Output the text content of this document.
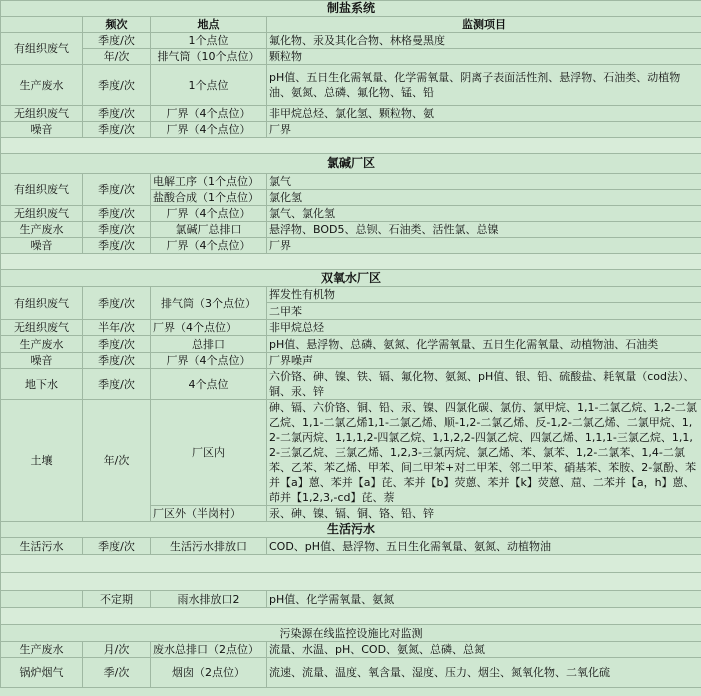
制盐系统			
	频次	地点	监测项目
有组织废气	季度/次	1个点位	氟化物、汞及其化合物、林格曼黑度
	年/次	排气筒（10个点位）	颗粒物
生产废水	季度/次	1个点位	pH值、五日生化需氧量、化学需氧量、阴离子表面活性剂、悬浮物、石油类、动植物油、氨氮、总磷、氟化物、锰、铅
无组织废气	季度/次	厂界（4个点位）	非甲烷总烃、氯化氢、颗粒物、氨
噪音	季度/次	厂界（4个点位）	厂界

氯碱厂区			
有组织废气	季度/次	电解工序（1个点位）	氯气
		盐酸合成（1个点位）	氯化氢
无组织废气	季度/次	厂界（4个点位）	氯气、氯化氢
生产废水	季度/次	氯碱厂总排口	悬浮物、BOD5、总钡、石油类、活性氯、总镍
噪音	季度/次	厂界（4个点位）	厂界

双氧水厂区			
有组织废气	季度/次	排气筒（3个点位）	挥发性有机物
			二甲苯
无组织废气	半年/次	厂界（4个点位）	非甲烷总烃
生产废水	季度/次	总排口	pH值、悬浮物、总磷、氨氮、化学需氧量、五日生化需氧量、动植物油、石油类
噪音	季度/次	厂界（4个点位）	厂界噪声
地下水	季度/次	4个点位	六价铬、砷、镍、铁、镉、氟化物、氨氮、pH值、银、铅、硫酸盐、耗氧量（cod法）、铜、汞、锌
土壤	年/次	厂区内	砷、镉、六价铬、铜、铅、汞、镍、四氯化碳、氯仿、氯甲烷、1,1-二氯乙烷、1,2-二氯乙烷、1,1-二氯乙烯1,1-二氯乙烯、顺-1,2-二氯乙烯、反-1,2-二氯乙烯、二氯甲烷、1,2-二氯丙烷、1,1,1,2-四氯乙烷、1,1,2,2-四氯乙烷、四氯乙烯、1,1,1-三氯乙烷、1,1,2-三氯乙烷、三氯乙烯、1,2,3-三氯丙烷、氯乙烯、苯、氯苯、1,2-二氯苯、1,4-二氯苯、乙苯、苯乙烯、甲苯、间二甲苯+对二甲苯、邻二甲苯、硝基苯、苯胺、2-氯酚、苯并【a】蒽、苯并【a】芘、苯并【b】荧蒽、苯并【k】荧蒽、䓛、二苯并【a，h】蒽、茚并【1,2,3,-cd】芘、萘
		厂区外（半岗村）	汞、砷、镍、镉、铜、铬、铅、锌
生活污水			
生活污水	季度/次	生活污水排放口	COD、pH值、悬浮物、五日生化需氧量、氨氮、动植物油

	不定期	雨水排放口2	pH值、化学需氧量、氨氮

污染源在线监控设施比对监测			
生产废水	月/次	废水总排口（2点位）	流量、水温、pH、COD、氨氮、总磷、总氮
锅炉烟气	季/次	烟囱（2点位）	流速、流量、温度、氧含量、湿度、压力、烟尘、氮氧化物、二氧化硫
